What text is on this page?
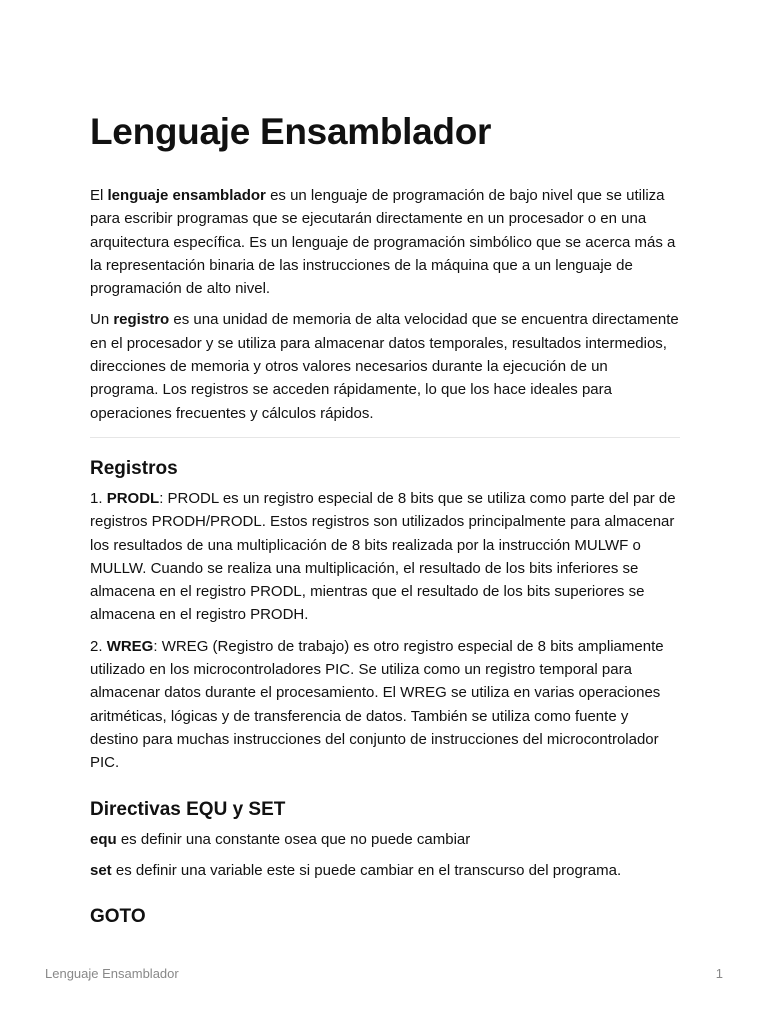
Lenguaje Ensamblador

El lenguaje ensamblador es un lenguaje de programación de bajo nivel que se utiliza para escribir programas que se ejecutarán directamente en un procesador o en una arquitectura específica. Es un lenguaje de programación simbólico que se acerca más a la representación binaria de las instrucciones de la máquina que a un lenguaje de programación de alto nivel.

Un registro es una unidad de memoria de alta velocidad que se encuentra directamente en el procesador y se utiliza para almacenar datos temporales, resultados intermedios, direcciones de memoria y otros valores necesarios durante la ejecución de un programa. Los registros se acceden rápidamente, lo que los hace ideales para operaciones frecuentes y cálculos rápidos.

Registros

1. PRODL: PRODL es un registro especial de 8 bits que se utiliza como parte del par de registros PRODH/PRODL. Estos registros son utilizados principalmente para almacenar los resultados de una multiplicación de 8 bits realizada por la instrucción MULWF o MULLW. Cuando se realiza una multiplicación, el resultado de los bits inferiores se almacena en el registro PRODL, mientras que el resultado de los bits superiores se almacena en el registro PRODH.

2. WREG: WREG (Registro de trabajo) es otro registro especial de 8 bits ampliamente utilizado en los microcontroladores PIC. Se utiliza como un registro temporal para almacenar datos durante el procesamiento. El WREG se utiliza en varias operaciones aritméticas, lógicas y de transferencia de datos. También se utiliza como fuente y destino para muchas instrucciones del conjunto de instrucciones del microcontrolador PIC.

Directivas EQU y SET

equ es definir una constante osea que no puede cambiar

set es definir una variable este si puede cambiar en el transcurso del programa.

GOTO
Lenguaje Ensamblador	1
